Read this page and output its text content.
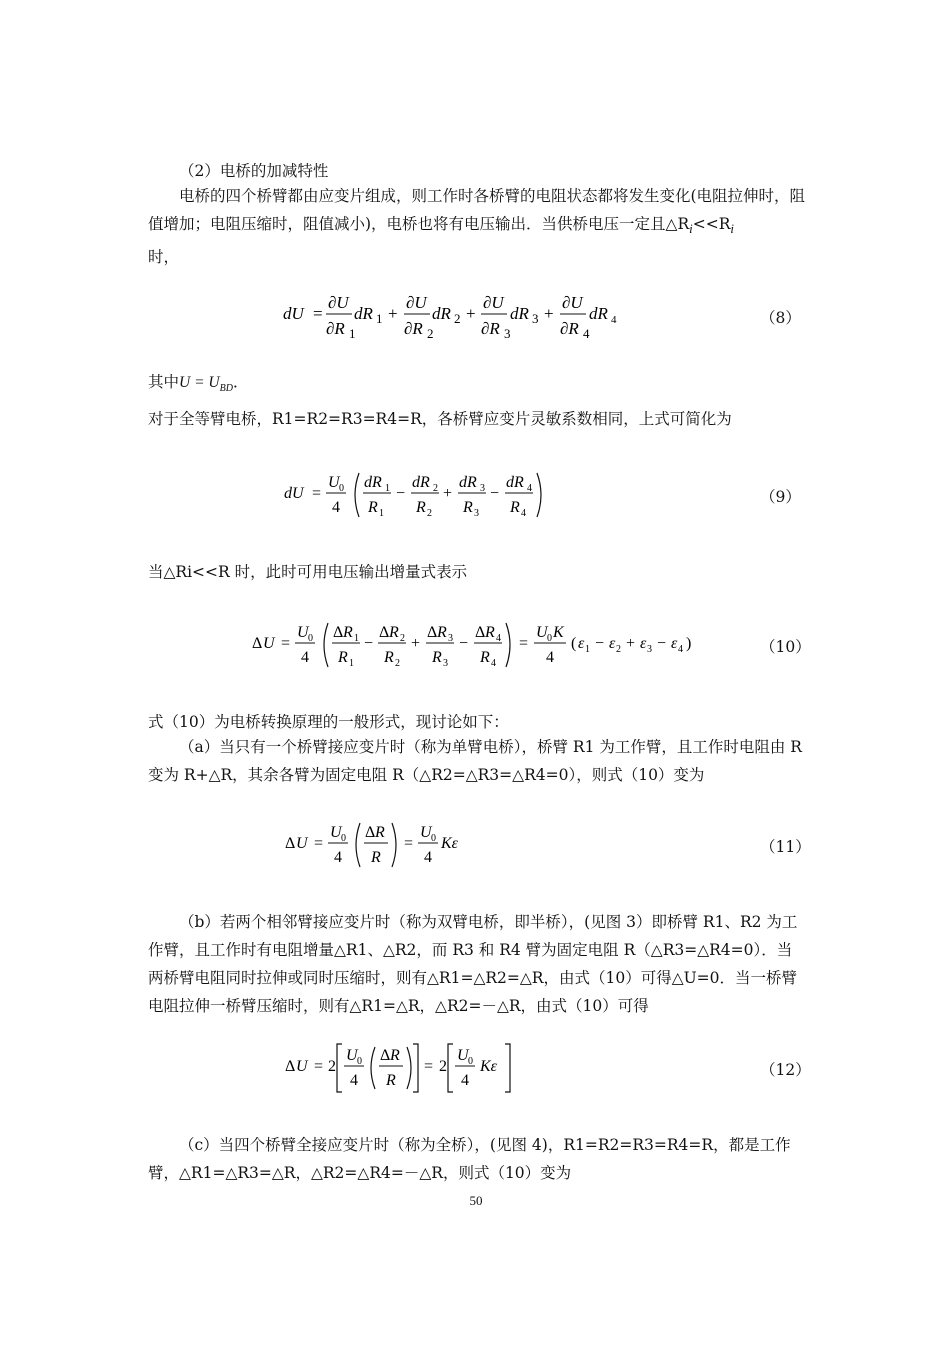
（2）电桥的加减特性

电桥的四个桥臂都由应变片组成，则工作时各桥臂的电阻状态都将发生变化(电阻拉伸时，阻值增加；电阻压缩时，阻值减小)，电桥也将有电压输出．当供桥电压一定且$\triangle R_i<<R_i$
时，

dU =
∂U
∂R 1
dR 1 +
∂U
∂R 2
dR 2 +
∂U
∂R 3
dR 3 +
∂U
∂R 4
dR 4	（8）
其中$U = U_{BD}$．
对于全等臂电桥，R1=R2=R3=R4=R，各桥臂应变片灵敏系数相同，上式可简化为
dU =
U 0
4
dR 1
R 1
−
dR 2
R 2
+
dR 3
R 3
−
dR 4
R 4
（9）
当△Ri<<R 时，此时可用电压输出增量式表示
Δ U =
U 0
4
Δ R 1
R 1
−
Δ R 2
R 2
+
Δ R 3
R 3
−
Δ R 4
R 4
=
U 0 K
4
( ε 1 − ε 2 + ε 3 − ε 4 )	（10）
式（10）为电桥转换原理的一般形式，现讨论如下：

（a）当只有一个桥臂接应变片时（称为单臂电桥），桥臂 R1 为工作臂，且工作时电阻由 R 变为 R+△R，其余各臂为固定电阻 R（△R2=△R3=△R4=0），则式（10）变为

Δ U =
U 0
4
Δ R
R
=
U 0
4
Kε	（11）

（b）若两个相邻臂接应变片时（称为双臂电桥，即半桥），(见图 3）即桥臂 R1、R2 为工作臂，且工作时有电阻增量△R1、△R2，而 R3 和 R4 臂为固定电阻 R（△R3=△R4=0）．当两桥臂电阻同时拉伸或同时压缩时，则有△R1=△R2=△R，由式（10）可得△U=0．当一桥臂电阻拉伸一桥臂压缩时，则有△R1=△R，△R2=－△R，由式（10）可得

Δ U = 2
U 0
4
Δ R
R
= 2
U 0
4
Kε	（12）

（c）当四个桥臂全接应变片时（称为全桥），(见图 4)，R1=R2=R3=R4=R，都是工作臂，△R1=△R3=△R，△R2=△R4=－△R，则式（10）变为

50
